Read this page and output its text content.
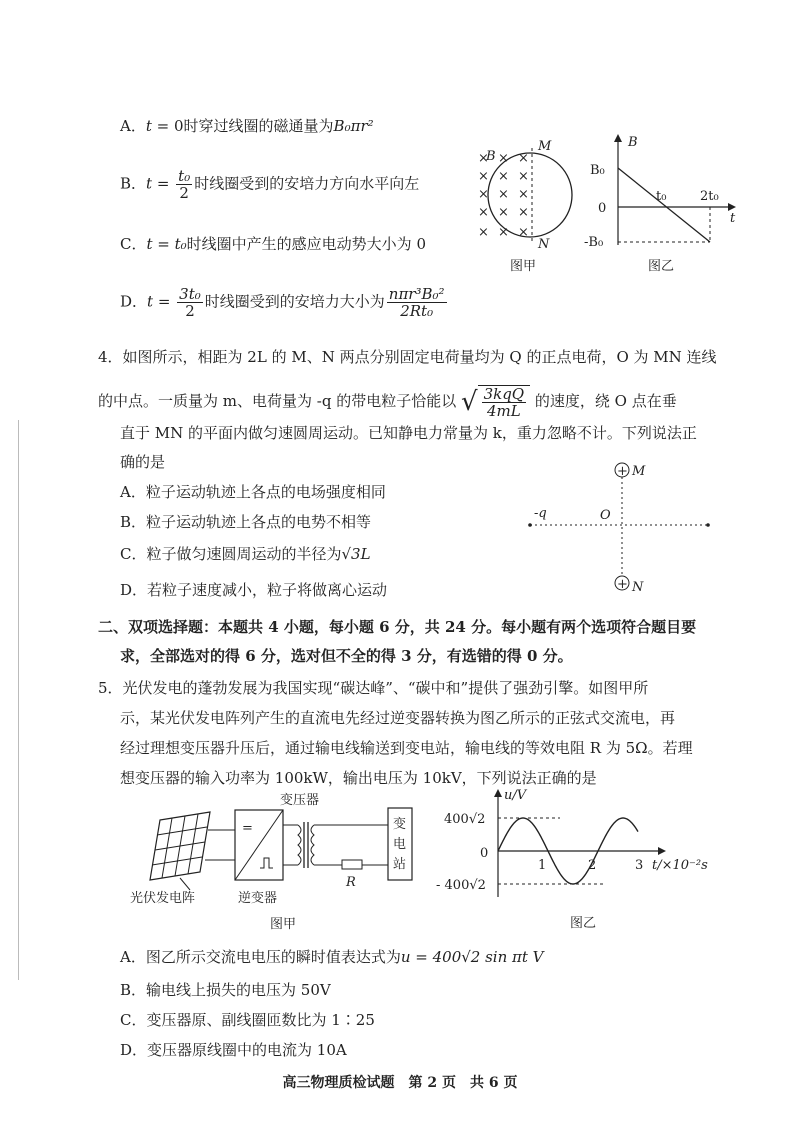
A．t = 0时穿过线圈的磁通量为B₀πr²
B．$t = \frac{\text{t₀}}{2}$ 时线圈受到的安培力方向水平向左
C．t = t₀时线圈中产生的感应电动势大小为 0
D．$t = \frac{\text{3t₀}}{2}$ 时线圈受到的安培力大小为 nπr³B₀²
2Rt₀
× × ×
× × ×
× × ×
× × ×
× × ×
B
M
N
图甲
B
B₀
0
-B₀
t₀	2t₀
t
图乙
4．如图所示，相距为 2L 的 M、N 两点分别固定电荷量均为 Q 的正点电荷，O 为 MN 连线
的中点。一质量为 m、电荷量为 -q 的带电粒子恰能以 √ 3kqQ
4mL
的速度，绕 O 点在垂
直于 MN 的平面内做匀速圆周运动。已知静电力常量为 k，重力忽略不计。下列说法正
确的是
A．粒子运动轨迹上各点的电场强度相同
B．粒子运动轨迹上各点的电势不相等
C．粒子做匀速圆周运动的半径为√3L
D．若粒子速度减小，粒子将做离心运动
+ M
+ N
-q	O
二、双项选择题：本题共 4 小题，每小题 6 分，共 24 分。每小题有两个选项符合题目要
求，全部选对的得 6 分，选对但不全的得 3 分，有选错的得 0 分。
5．光伏发电的蓬勃发展为我国实现“碳达峰”、“碳中和”提供了强劲引擎。如图甲所
示，某光伏发电阵列产生的直流电先经过逆变器转换为图乙所示的正弦式交流电，再
经过理想变压器升压后，通过输电线输送到变电站，输电线的等效电阻 R 为 5Ω。若理
想变压器的输入功率为 100kW，输出电压为 10kV，下列说法正确的是
=	变
电
站
变压器
R
光伏发电阵	逆变器
图甲
u/V
400√2
0
- 400√2
1	2	3 t/×10⁻²s
图乙
A．图乙所示交流电电压的瞬时值表达式为u = 400√2 sin πt V
B．输电线上损失的电压为 50V
C．变压器原、副线圈匝数比为 1∶25
D．变压器原线圈中的电流为 10A
高三物理质检试题　第 2 页　共 6 页
